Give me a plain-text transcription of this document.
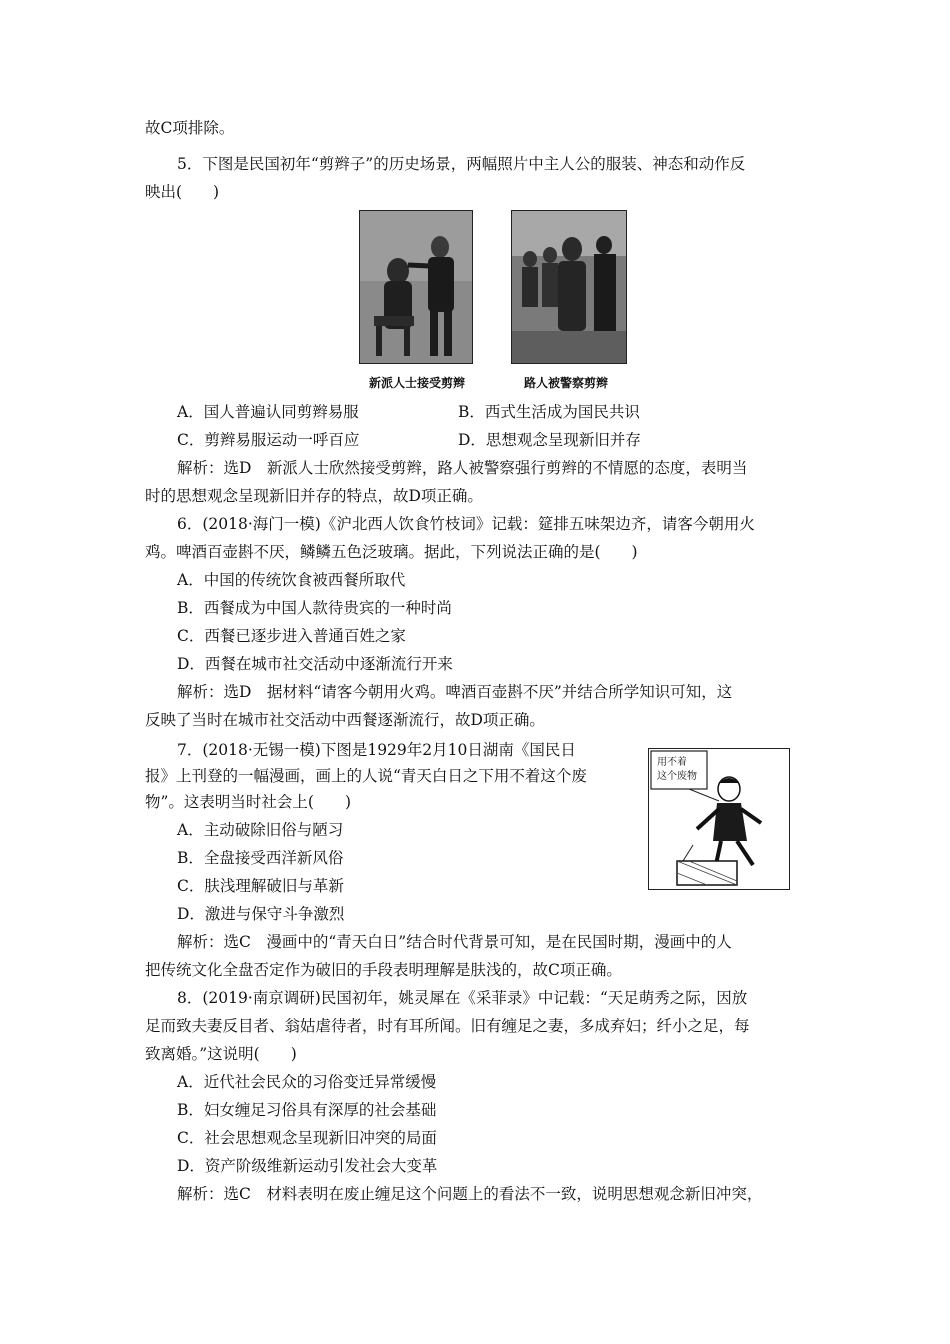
故C项排除。
5．下图是民国初年“剪辫子”的历史场景，两幅照片中主人公的服装、神态和动作反
映出(　　)
新派人士接受剪辫	路人被警察剪辫
A．国人普遍认同剪辫易服	B．西式生活成为国民共识
C．剪辫易服运动一呼百应	D．思想观念呈现新旧并存
解析：选D　新派人士欣然接受剪辫，路人被警察强行剪辫的不情愿的态度，表明当
时的思想观念呈现新旧并存的特点，故D项正确。
6．(2018·海门一模)《沪北西人饮食竹枝词》记载：筵排五味架边齐，请客今朝用火
鸡。啤酒百壶斟不厌，鳞鳞五色泛玻璃。据此，下列说法正确的是(　　)
A．中国的传统饮食被西餐所取代
B．西餐成为中国人款待贵宾的一种时尚
C．西餐已逐步进入普通百姓之家
D．西餐在城市社交活动中逐渐流行开来
解析：选D　据材料“请客今朝用火鸡。啤酒百壶斟不厌”并结合所学知识可知，这
反映了当时在城市社交活动中西餐逐渐流行，故D项正确。
7．(2018·无锡一模)下图是1929年2月10日湖南《国民日
报》上刊登的一幅漫画，画上的人说“青天白日之下用不着这个废
物”。这表明当时社会上(　　)
A．主动破除旧俗与陋习
B．全盘接受西洋新风俗
C．肤浅理解破旧与革新
D．激进与保守斗争激烈
用不着
这个废物
解析：选C　漫画中的“青天白日”结合时代背景可知，是在民国时期，漫画中的人
把传统文化全盘否定作为破旧的手段表明理解是肤浅的，故C项正确。
8．(2019·南京调研)民国初年，姚灵犀在《采菲录》中记载：“天足萌秀之际，因放
足而致夫妻反目者、翁姑虐待者，时有耳所闻。旧有缠足之妻，多成弃妇；纤小之足，每
致离婚。”这说明(　　)
A．近代社会民众的习俗变迁异常缓慢
B．妇女缠足习俗具有深厚的社会基础
C．社会思想观念呈现新旧冲突的局面
D．资产阶级维新运动引发社会大变革
解析：选C　材料表明在废止缠足这个问题上的看法不一致，说明思想观念新旧冲突，
